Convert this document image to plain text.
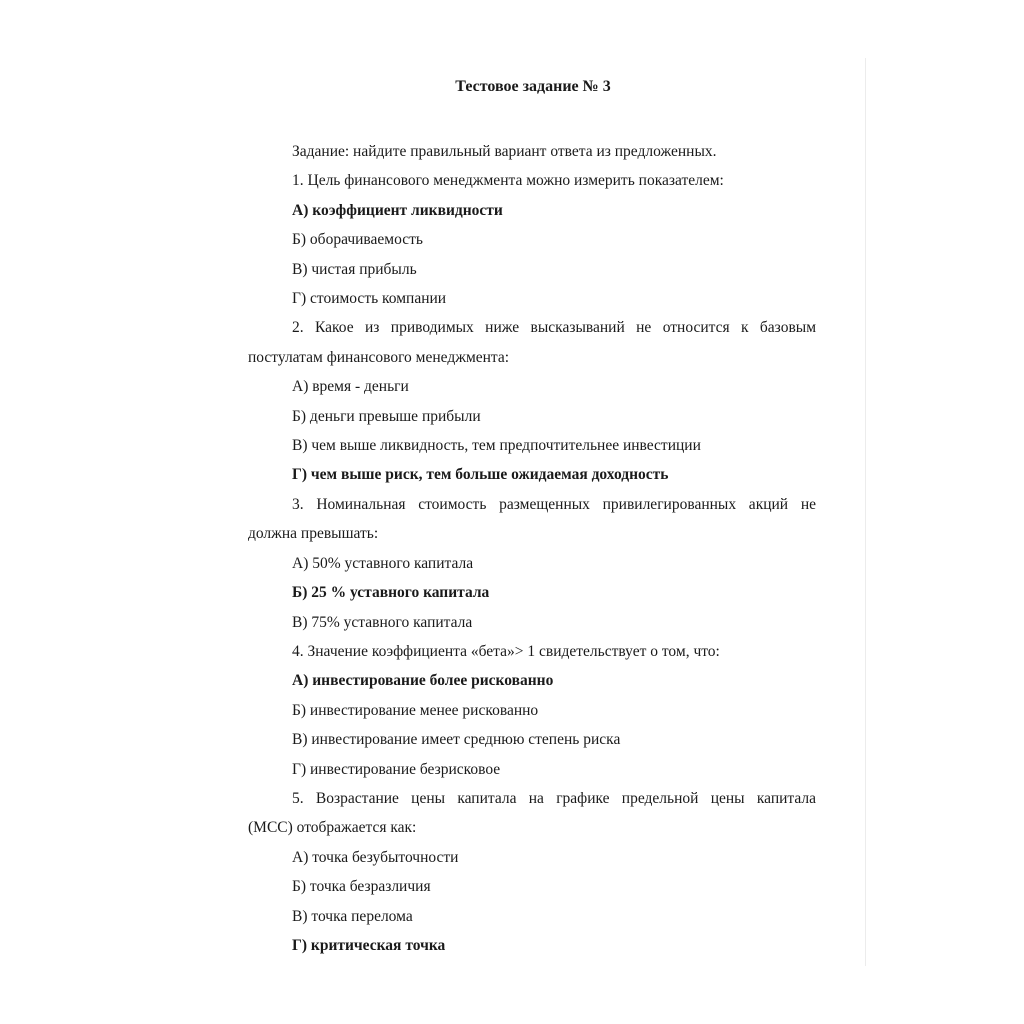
Тестовое задание № 3
Задание: найдите правильный вариант ответа из предложенных.
1. Цель финансового менеджмента можно измерить показателем:
А) коэффициент ликвидности
Б) оборачиваемость
В) чистая прибыль
Г) стоимость компании
2. Какое из приводимых ниже высказываний не относится к базовым
постулатам финансового менеджмента:
А) время - деньги
Б) деньги превыше прибыли
В) чем выше ликвидность, тем предпочтительнее инвестиции
Г) чем выше риск, тем больше ожидаемая доходность
3. Номинальная стоимость размещенных привилегированных акций не
должна превышать:
А) 50% уставного капитала
Б) 25 % уставного капитала
В) 75% уставного капитала
4. Значение коэффициента «бета»> 1 свидетельствует о том, что:
А) инвестирование более рискованно
Б) инвестирование менее рискованно
В) инвестирование имеет среднюю степень риска
Г) инвестирование безрисковое
5. Возрастание цены капитала на графике предельной цены капитала
(МСС) отображается как:
А) точка безубыточности
Б) точка безразличия
В) точка перелома
Г) критическая точка
